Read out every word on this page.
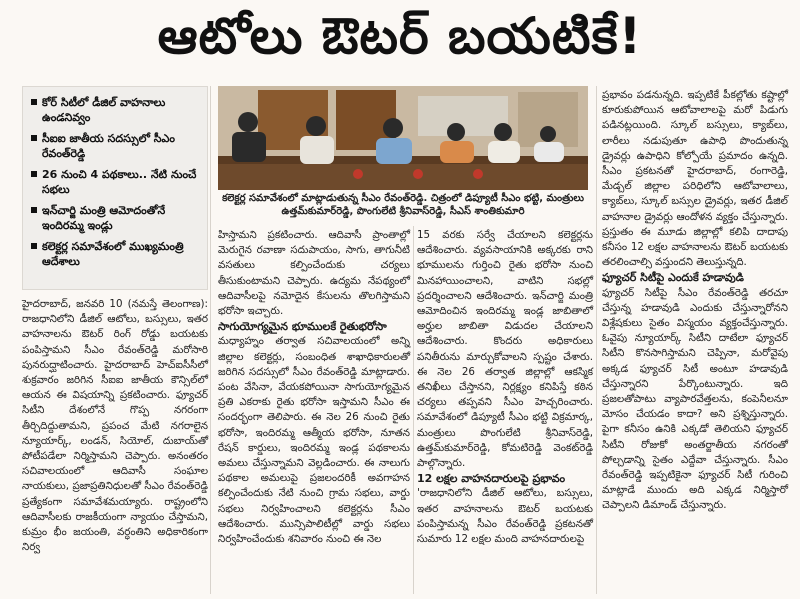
ఆటోలు ఔటర్ బయటికే!
కోర్ సిటీలో డీజిల్ వాహనాలు ఉండనివ్వం
సీఐఐ జాతీయ సదస్సులో సీఎం రేవంత్‌రెడ్డి
26 నుంచి 4 పథకాలు.. నేటి నుంచే సభలు
ఇన్‌చార్జి మంత్రి ఆమోదంతోనే ఇందిరమ్మ ఇండ్లు
కలెక్టర్ల సమావేశంలో ముఖ్యమంత్రి ఆదేశాలు
కలెక్టర్ల సమావేశంలో మాట్లాడుతున్న సీఎం రేవంత్‌రెడ్డి. చిత్రంలో డిప్యూటీ సీఎం భట్టి, మంత్రులు ఉత్తమ్‌కుమార్‌రెడ్డి, పొంగులేటి శ్రీనివాస్‌రెడ్డి, సీఎస్ శాంతికుమారి

హైదరాబాద్, జనవరి 10 (నమస్తే తెలంగాణ): రాజధానిలోని డీజిల్ ఆటోలు, బస్సులు, ఇతర వాహనాలను ఔటర్ రింగ్ రోడ్డు బయటకు పంపిస్తామని సీఎం రేవంత్‌రెడ్డి మరోసారి పునరుద్ఘాటించారు. హైదరాబాద్ హెచ్‌ఐసీసీలో శుక్రవారం జరిగిన సీఐఐ జాతీయ కౌన్సిల్‌లో ఆయన ఈ విషయాన్ని ప్రకటించారు. ఫ్యూచర్ సిటీని దేశంలోనే గొప్ప నగరంగా తీర్చిదిద్దుతామని, ప్రపంచ మేటి నగరాలైన న్యూయార్క్, లండన్, సియోల్, దుబాయ్‌తో పోటీపడేలా నిర్మిస్తామని చెప్పారు. అనంతరం సచివాలయంలో ఆదివాసీ సంఘాల నాయకులు, ప్రజాప్రతినిధులతో సీఎం రేవంత్‌రెడ్డి ప్రత్యేకంగా సమావేశమయ్యారు. రాష్ట్రంలోని ఆదివాసీలకు రాజకీయంగా న్యాయం చేస్తామని, కుమ్రం భీం జయంతి, వర్ధంతిని అధికారికంగా నిర్వ

హిస్తామని ప్రకటించారు. ఆదివాసీ ప్రాంతాల్లో మెరుగైన రవాణా సదుపాయం, సాగు, తాగునీటి వసతులు కల్పించేందుకు చర్యలు తీసుకుంటామని చెప్పారు. ఉద్యమ నేపథ్యంలో ఆదివాసీలపై నమోదైన కేసులను తొలగిస్తామని భరోసా ఇచ్చారు.

సాగుయోగ్యమైన భూములకే రైతుభరోసా

మధ్యాహ్నం తర్వాత సచివాలయంలో అన్ని జిల్లాల కలెక్టర్లు, సంబంధిత శాఖాధికారులతో జరిగిన సదస్సులో సీఎం రేవంత్‌రెడ్డి మాట్లాడారు. పంట వేసినా, వేయకపోయినా సాగుయోగ్యమైన ప్రతి ఎకరాకు రైతు భరోసా ఇస్తామని సీఎం ఈ సందర్భంగా తెలిపారు. ఈ నెల 26 నుంచి రైతు భరోసా, ఇందిరమ్మ ఆత్మీయ భరోసా, నూతన రేషన్ కార్డులు, ఇందిరమ్మ ఇండ్ల పథకాలను అమలు చేస్తున్నామని వెల్లడించారు. ఈ నాలుగు పథకాల అమలుపై ప్రజలందరికీ అవగాహన కల్పించేందుకు నేటి నుంచి గ్రామ సభలు, వార్డు సభలు నిర్వహించాలని కలెక్టర్లను సీఎం ఆదేశించారు. మున్సిపాలిటీల్లో వార్డు సభలు నిర్వహించేందుకు శనివారం నుంచి ఈ నెల

15 వరకు సర్వే చేయాలని కలెక్టర్లను ఆదేశించారు. వ్యవసాయానికి అక్కరకు రాని భూములను గుర్తించి రైతు భరోసా నుంచి మినహాయించాలని, వాటిని సభల్లో ప్రదర్శించాలని ఆదేశించారు. ఇన్‌చార్జి మంత్రి ఆమోదించిన ఇందిరమ్మ ఇండ్ల జాబితాలో అర్హుల జాబితా విడుదల చేయాలని ఆదేశించారు. కొందరు అధికారులు పనితీరును మార్చుకోవాలని స్పష్టం చేశారు. ఈ నెల 26 తర్వాత జిల్లాల్లో ఆకస్మిక తనిఖీలు చేస్తానని, నిర్లక్ష్యం కనిపిస్తే కఠిన చర్యలు తప్పవని సీఎం హెచ్చరించారు. సమావేశంలో డిప్యూటీ సీఎం భట్టి విక్రమార్క, మంత్రులు పొంగులేటి శ్రీనివాస్‌రెడ్డి, ఉత్తమ్‌కుమార్‌రెడ్డి, కోమటిరెడ్డి వెంకట్‌రెడ్డి పాల్గొన్నారు.

12 లక్షల వాహనదారులపై ప్రభావం

'రాజధానిలోని డీజిల్ ఆటోలు, బస్సులు, ఇతర వాహనాలను ఔటర్ బయటకు పంపిస్తామన్న సీఎం రేవంత్‌రెడ్డి ప్రకటనతో సుమారు 12 లక్షల మంది వాహనదారులపై

ప్రభావం పడనున్నది. ఇప్పటికే పీకల్లోతు కష్టాల్లో కూరుకుపోయిన ఆటోవాలాలపై మరో పిడుగు పడినట్లయింది. స్కూల్ బస్సులు, క్యాబ్‌లు, లారీలు నడుపుతూ ఉపాధి పొందుతున్న డ్రైవర్లు ఉపాధిని కోల్పోయే ప్రమాదం ఉన్నది. సీఎం ప్రకటనతో హైదరాబాద్, రంగారెడ్డి, మేడ్చల్ జిల్లాల పరిధిలోని ఆటోవాలాలు, క్యాబ్‌లు, స్కూల్ బస్సుల డ్రైవర్లు, ఇతర డీజిల్ వాహనాల డ్రైవర్లు ఆందోళన వ్యక్తం చేస్తున్నారు. ప్రస్తుతం ఈ మూడు జిల్లాల్లో కలిపి దాదాపు కనీసం 12 లక్షల వాహనాలను ఔటర్ బయటకు తరలించాల్సి వస్తుందని తెలుస్తున్నది.

ఫ్యూచర్ సిటీపై ఎందుకే హడావుడి

ఫ్యూచర్ సిటీపై సీఎం రేవంత్‌రెడ్డి తరచూ చేస్తున్న హడావుడి ఎందుకు చేస్తున్నారోనని విశ్లేషకులు సైతం విస్మయం వ్యక్తంచేస్తున్నారు. ఓవైపు న్యూయార్క్ సిటీని దాటేలా ఫ్యూచర్ సిటీని కొనసాగిస్తామని చెప్పినా, మరోవైపు అక్కడ ఫ్యూచర్ సిటీ అంటూ హడావుడి చేస్తున్నారని పేర్కొంటున్నారు. ఇది ప్రజలతోపాటు వ్యాపారవేత్తలను, కంపెనీలనూ మోసం చేయడం కాదా? అని ప్రశ్నిస్తున్నారు. పైగా కనీసం ఉనికి ఎక్కడో తెలియని ఫ్యూచర్ సిటీని రోజుకో అంతర్జాతీయ నగరంతో పోల్చడాన్ని సైతం ఎద్దేవా చేస్తున్నారు. సీఎం రేవంత్‌రెడ్డి ఇప్పటికైనా ఫ్యూచర్ సిటీ గురించి మాట్లాడే ముందు అది ఎక్కడ నిర్మిస్తారో చెప్పాలని డిమాండ్ చేస్తున్నారు.
